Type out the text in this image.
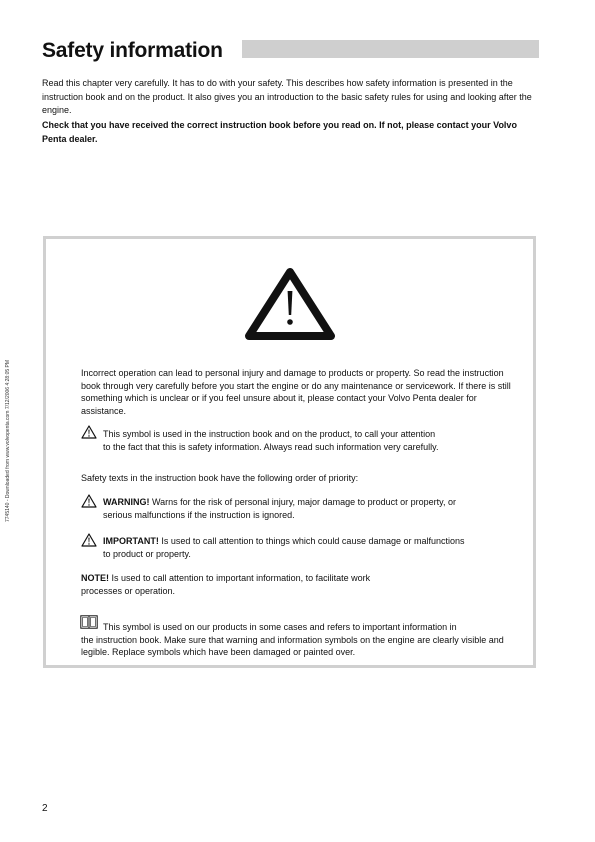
7745140 - Downloaded from www.volvopenta.com 7/12/2006 4:28:05 PM
Safety information

Read this chapter very carefully. It has to do with your safety. This describes how safety information is presented in the instruction book and on the product. It also gives you an introduction to the basic safety rules for using and looking after the engine.

Check that you have received the correct instruction book before you read on. If not, please contact your Volvo Penta dealer.

Incorrect operation can lead to personal injury and damage to products or property. So read the instruction book through very carefully before you start the engine or do any maintenance or servicework. If there is still something which is unclear or if you feel unsure about it, please contact your Volvo Penta dealer for assistance.

This symbol is used in the instruction book and on the product, to call your attention
to the fact that this is safety information. Always read such information very carefully.

Safety texts in the instruction book have the following order of priority:

WARNING! Warns for the risk of personal injury, major damage to product or property, or
serious malfunctions if the instruction is ignored.

IMPORTANT! Is used to call attention to things which could cause damage or malfunctions
to product or property.

NOTE! Is used to call attention to important information, to facilitate work
processes or operation.

This symbol is used on our products in some cases and refers to important information in
the instruction book. Make sure that warning and information symbols on the engine are clearly visible and legible. Replace symbols which have been damaged or painted over.

2
